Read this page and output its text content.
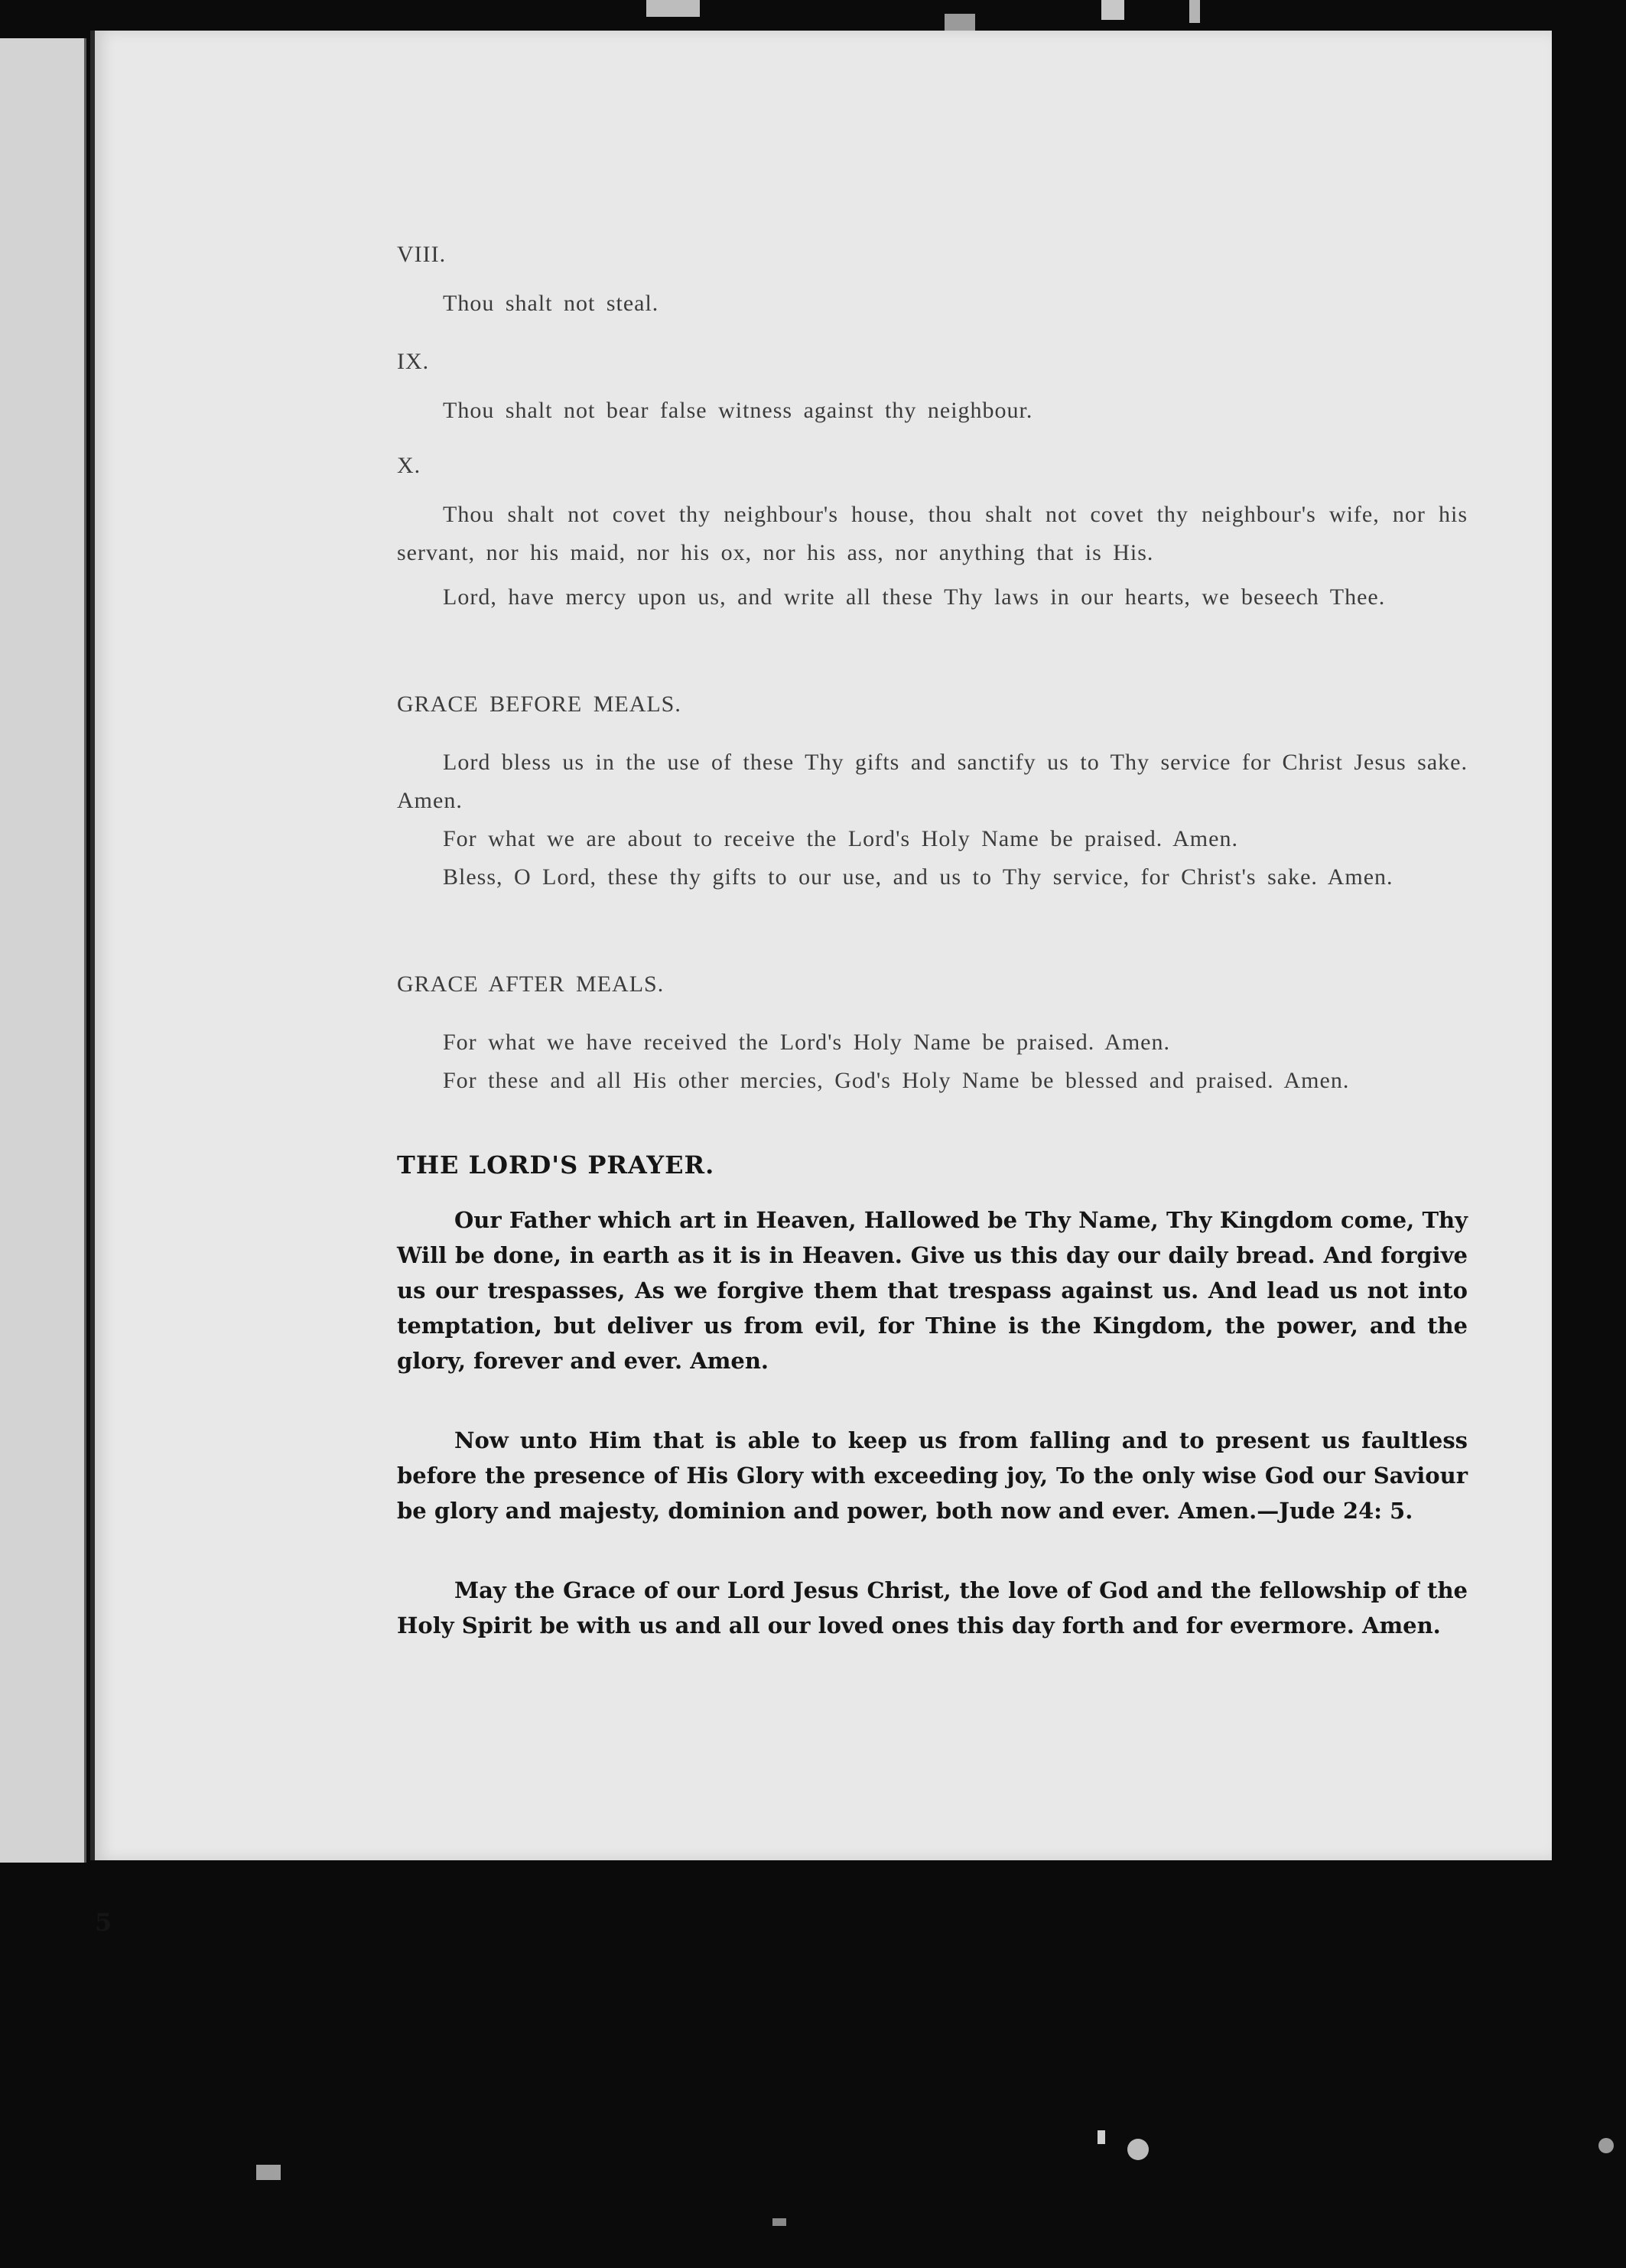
VIII.

Thou shalt not steal.

IX.

Thou shalt not bear false witness against thy neighbour.

X.

Thou shalt not covet thy neighbour's house, thou shalt not covet thy neighbour's wife, nor his servant, nor his maid, nor his ox, nor his ass, nor anything that is His.

Lord, have mercy upon us, and write all these Thy laws in our hearts, we beseech Thee.

GRACE BEFORE MEALS.

Lord bless us in the use of these Thy gifts and sanctify us to Thy service for Christ Jesus sake. Amen.

For what we are about to receive the Lord's Holy Name be praised. Amen.

Bless, O Lord, these thy gifts to our use, and us to Thy service, for Christ's sake. Amen.

GRACE AFTER MEALS.

For what we have received the Lord's Holy Name be praised. Amen.

For these and all His other mercies, God's Holy Name be blessed and praised. Amen.

THE LORD'S PRAYER.

Our Father which art in Heaven, Hallowed be Thy Name, Thy Kingdom come, Thy Will be done, in earth as it is in Heaven. Give us this day our daily bread. And forgive us our trespasses, As we forgive them that trespass against us. And lead us not into temptation, but deliver us from evil, for Thine is the Kingdom, the power, and the glory, forever and ever. Amen.

Now unto Him that is able to keep us from falling and to present us faultless before the presence of His Glory with exceeding joy, To the only wise God our Saviour be glory and majesty, dominion and power, both now and ever. Amen.—Jude 24: 5.

May the Grace of our Lord Jesus Christ, the love of God and the fellowship of the Holy Spirit be with us and all our loved ones this day forth and for evermore. Amen.

5
